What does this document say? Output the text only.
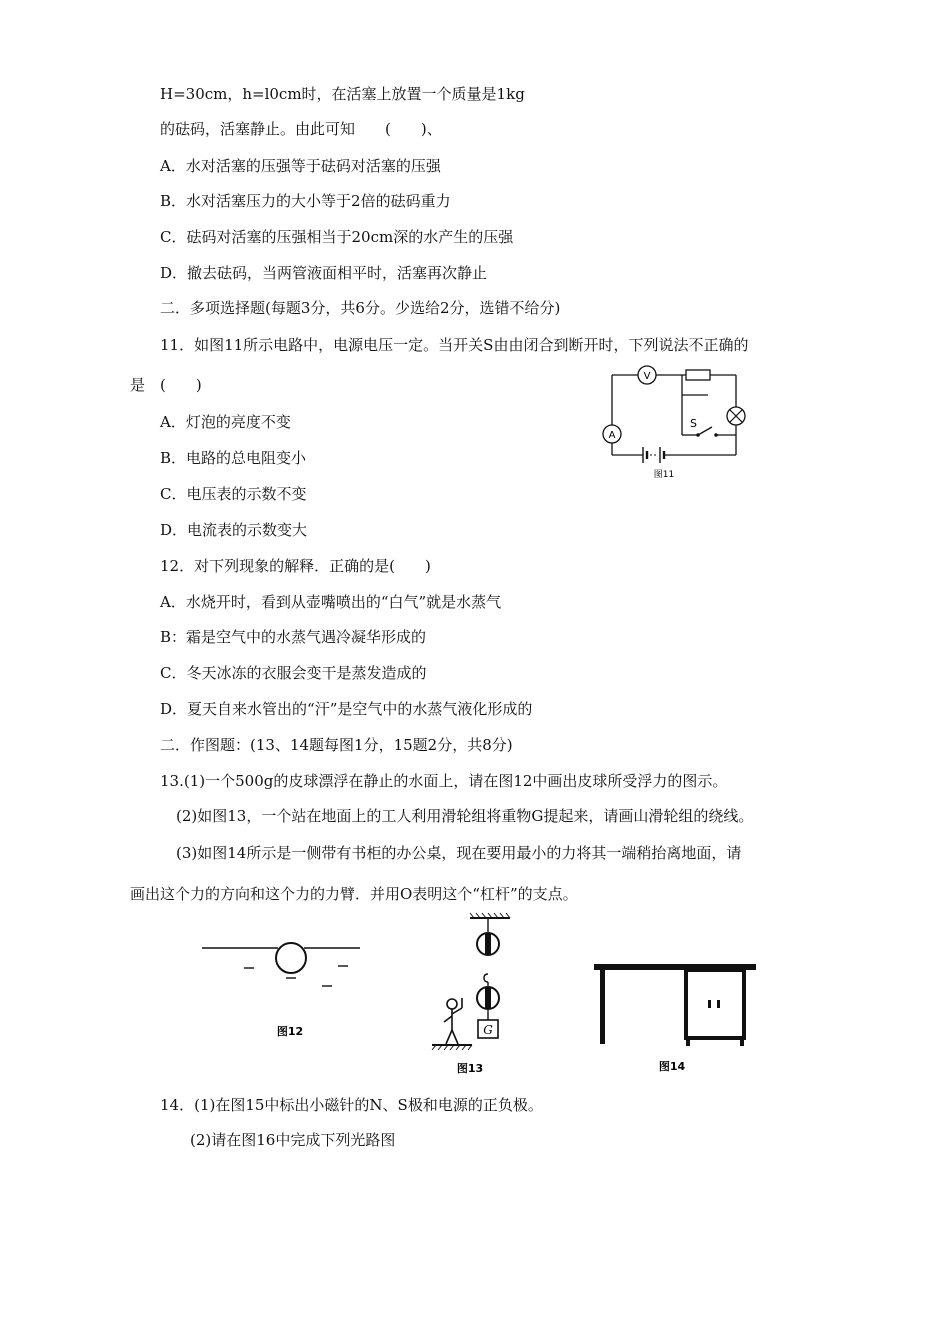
H=30cm，h=l0cm时，在活塞上放置一个质量是1kg
的砝码，活塞静止。由此可知　　(　　)、
A．水对活塞的压强等于砝码对活塞的压强
B．水对活塞压力的大小等于2倍的砝码重力
C．砝码对活塞的压强相当于20cm深的水产生的压强
D．撤去砝码，当两管液面相平时，活塞再次静止
二．多项选择题(每题3分，共6分。少选给2分，选错不给分)
11．如图11所示电路中，电源电压一定。当开关S由由闭合到断开时，下列说法不正确的
是　(　　)
A．灯泡的亮度不变
B．电路的总电阻变小
C．电压表的示数不变
D．电流表的示数变大
V
A
S
图11
12．对下列现象的解释．正确的是(　　)
A．水烧开时，看到从壶嘴喷出的“白气”就是水蒸气
B：霜是空气中的水蒸气遇冷凝华形成的
C．冬天冰冻的衣服会变干是蒸发造成的
D．夏天自来水管出的“汗”是空气中的水蒸气液化形成的
二．作图题：(13、14题每图1分，15题2分，共8分)
13.(1)一个500g的皮球漂浮在静止的水面上，请在图12中画出皮球所受浮力的图示。
(2)如图13，一个站在地面上的工人利用滑轮组将重物G提起来，请画山滑轮组的绕线。
(3)如图14所示是一侧带有书柜的办公桌，现在要用最小的力将其一端稍抬离地面，请
画出这个力的方向和这个力的力臂．并用O表明这个“杠杆”的支点。
图12	G
图13	图14
14．(1)在图15中标出小磁针的N、S极和电源的正负极。
(2)请在图16中完成下列光路图
